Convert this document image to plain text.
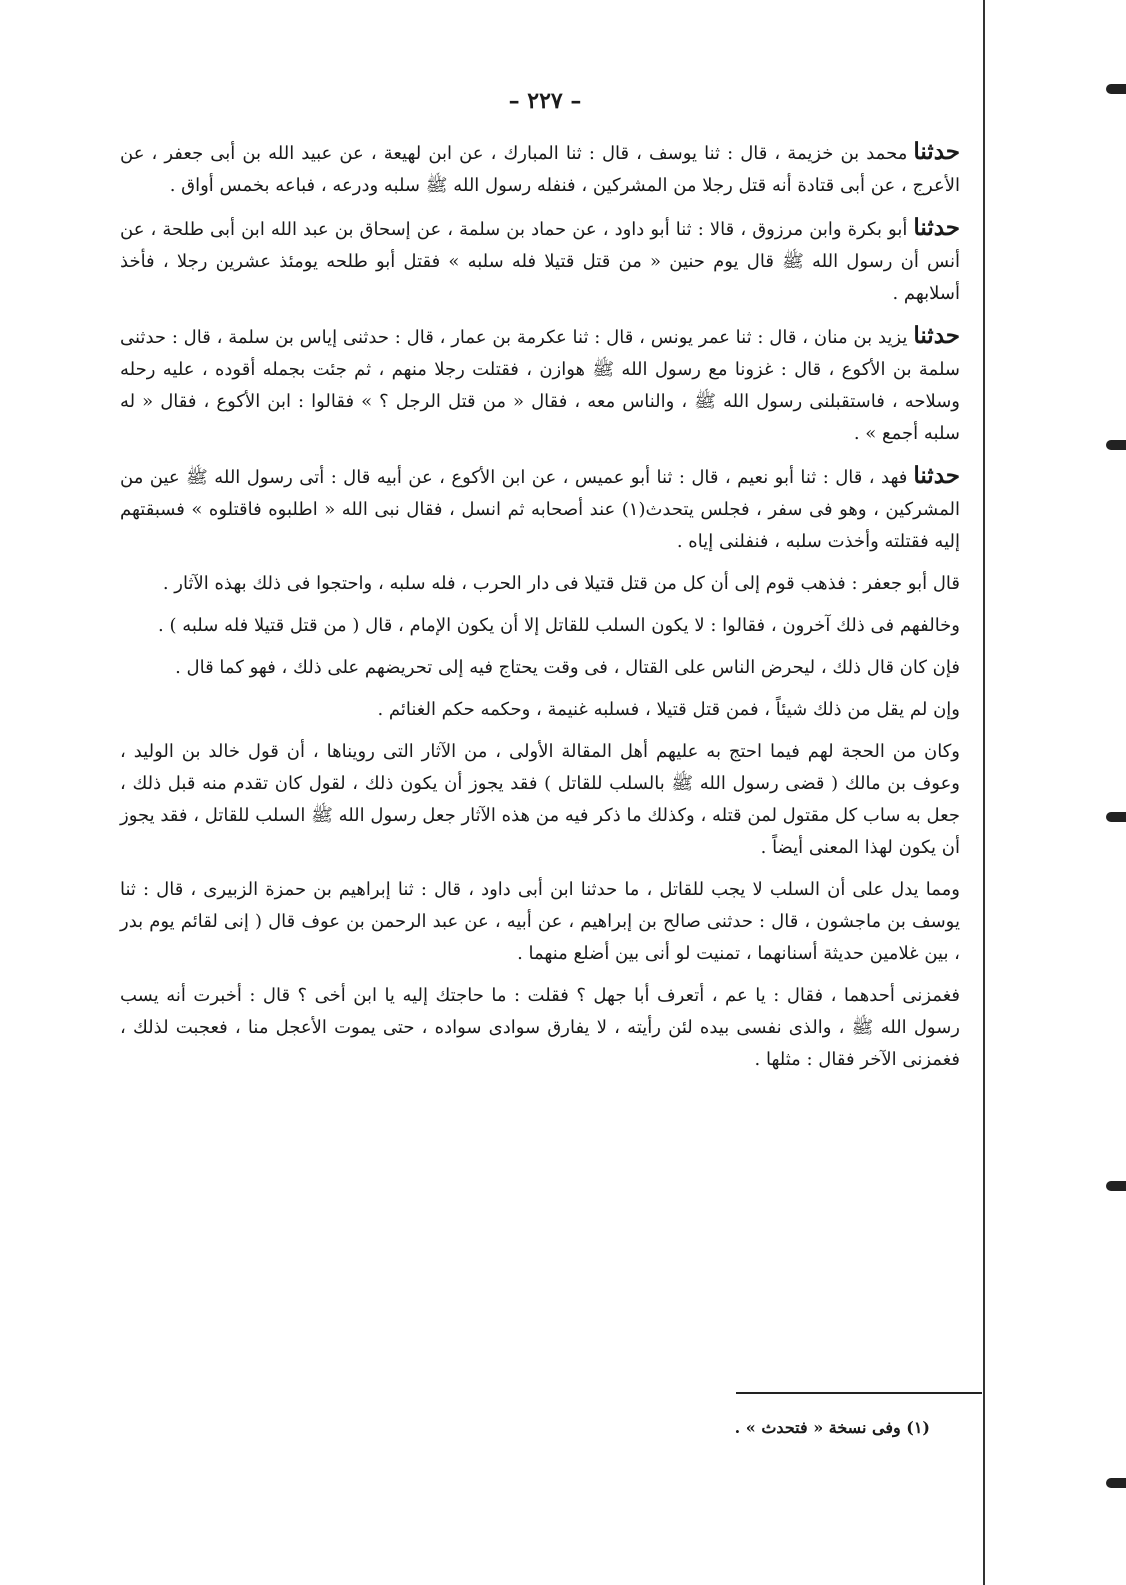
– ٢٢٧ –

حدثنامحمد بن خزيمة ، قال : ثنا يوسف ، قال : ثنا المبارك ، عن ابن لهيعة ، عن عبيد الله بن أبى جعفر ، عن الأعرج ، عن أبى قتادة أنه قتل رجلا من المشركين ، فنفله رسول الله ﷺ سلبه ودرعه ، فباعه بخمس أواق .

حدثناأبو بكرة وابن مرزوق ، قالا : ثنا أبو داود ، عن حماد بن سلمة ، عن إسحاق بن عبد الله ابن أبى طلحة ، عن أنس أن رسول الله ﷺ قال يوم حنين « من قتل قتيلا فله سلبه » فقتل أبو طلحه يومئذ عشرين رجلا ، فأخذ أسلابهم .

حدثنايزيد بن منان ، قال : ثنا عمر يونس ، قال : ثنا عكرمة بن عمار ، قال : حدثنى إياس بن سلمة ، قال : حدثنى سلمة بن الأكوع ، قال : غزونا مع رسول الله ﷺ هوازن ، فقتلت رجلا منهم ، ثم جئت بجمله أقوده ، عليه رحله وسلاحه ، فاستقبلنى رسول الله ﷺ ، والناس معه ، فقال « من قتل الرجل ؟ » فقالوا : ابن الأكوع ، فقال « له سلبه أجمع » .

حدثنافهد ، قال : ثنا أبو نعيم ، قال : ثنا أبو عميس ، عن ابن الأكوع ، عن أبيه قال : أتى رسول الله ﷺ عين من المشركين ، وهو فى سفر ، فجلس يتحدث(١) عند أصحابه ثم انسل ، فقال نبى الله « اطلبوه فاقتلوه » فسبقتهم إليه فقتلته وأخذت سلبه ، فنفلنى إياه .

قال أبو جعفر : فذهب قوم إلى أن كل من قتل قتيلا فى دار الحرب ، فله سلبه ، واحتجوا فى ذلك بهذه الآثار .

وخالفهم فى ذلك آخرون ، فقالوا : لا يكون السلب للقاتل إلا أن يكون الإمام ، قال ( من قتل قتيلا فله سلبه ) .

فإن كان قال ذلك ، ليحرض الناس على القتال ، فى وقت يحتاج فيه إلى تحريضهم على ذلك ، فهو كما قال .

وإن لم يقل من ذلك شيئاً ، فمن قتل قتيلا ، فسلبه غنيمة ، وحكمه حكم الغنائم .

وكان من الحجة لهم فيما احتج به عليهم أهل المقالة الأولى ، من الآثار التى رويناها ، أن قول خالد بن الوليد ، وعوف بن مالك ( قضى رسول الله ﷺ بالسلب للقاتل ) فقد يجوز أن يكون ذلك ، لقول كان تقدم منه قبل ذلك ، جعل به ساب كل مقتول لمن قتله ، وكذلك ما ذكر فيه من هذه الآثار جعل رسول الله ﷺ السلب للقاتل ، فقد يجوز أن يكون لهذا المعنى أيضاً .

ومما يدل على أن السلب لا يجب للقاتل ، ما حدثنا ابن أبى داود ، قال : ثنا إبراهيم بن حمزة الزبيرى ، قال : ثنا يوسف بن ماجشون ، قال : حدثنى صالح بن إبراهيم ، عن أبيه ، عن عبد الرحمن بن عوف قال ( إنى لقائم يوم بدر ، بين غلامين حديثة أسنانهما ، تمنيت لو أنى بين أضلع منهما .

فغمزنى أحدهما ، فقال : يا عم ، أتعرف أبا جهل ؟ فقلت : ما حاجتك إليه يا ابن أخى ؟ قال : أخبرت أنه يسب رسول الله ﷺ ، والذى نفسى بيده لئن رأيته ، لا يفارق سوادى سواده ، حتى يموت الأعجل منا ، فعجبت لذلك ، فغمزنى الآخر فقال : مثلها .

(١) وفى نسخة « فتحدث » .
